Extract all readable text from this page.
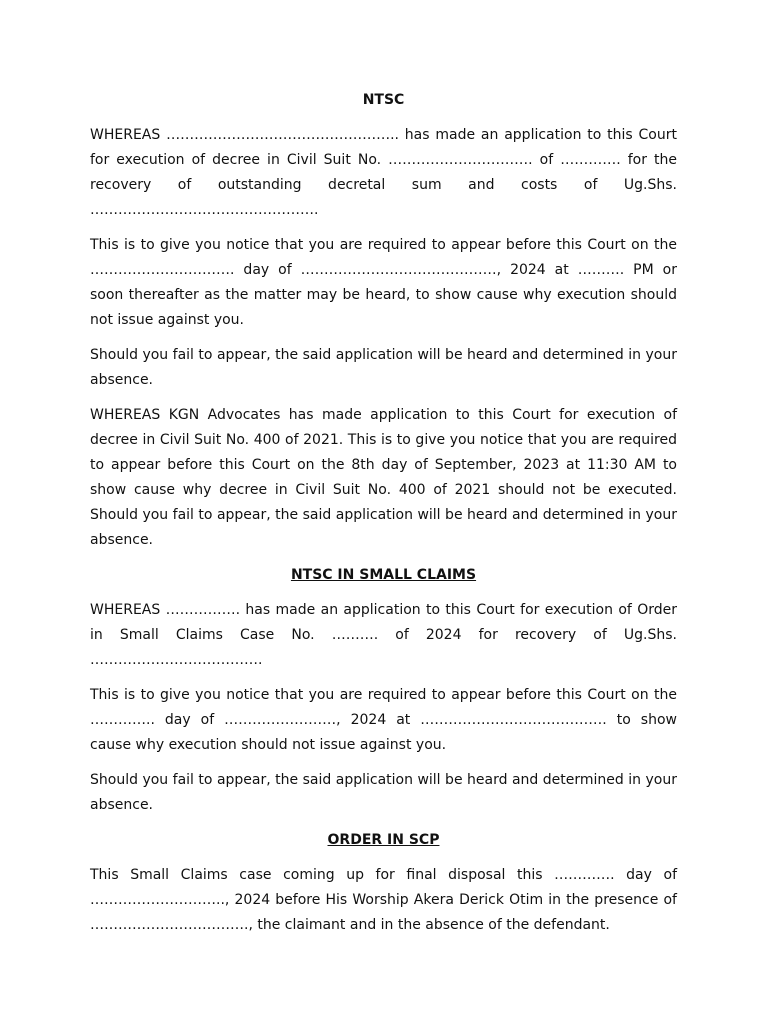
NTSC

WHEREAS ………………………………………….. has made an application to this Court for execution of decree in Civil Suit No. …………………………. of …………. for the recovery of outstanding decretal sum and costs of Ug.Shs. ………………………………………….

This is to give you notice that you are required to appear before this Court on the …………………………. day of ……………………………………, 2024 at ………. PM or soon thereafter as the matter may be heard, to show cause why execution should not issue against you.

Should you fail to appear, the said application will be heard and determined in your absence.

WHEREAS KGN Advocates has made application to this Court for execution of decree in Civil Suit No. 400 of 2021. This is to give you notice that you are required to appear before this Court on the 8th day of September, 2023 at 11:30 AM to show cause why decree in Civil Suit No. 400 of 2021 should not be executed. Should you fail to appear, the said application will be heard and determined in your absence.

NTSC IN SMALL CLAIMS

WHEREAS ……………. has made an application to this Court for execution of Order in Small Claims Case No. ………. of 2024 for recovery of Ug.Shs. ……………………………….

This is to give you notice that you are required to appear before this Court on the ………….. day of ……………………, 2024 at …………………………………. to show cause why execution should not issue against you.

Should you fail to appear, the said application will be heard and determined in your absence.

ORDER IN SCP

This Small Claims case coming up for final disposal this …………. day of ……………………….., 2024 before His Worship Akera Derick Otim in the presence of ……………………………., the claimant and in the absence of the defendant.
